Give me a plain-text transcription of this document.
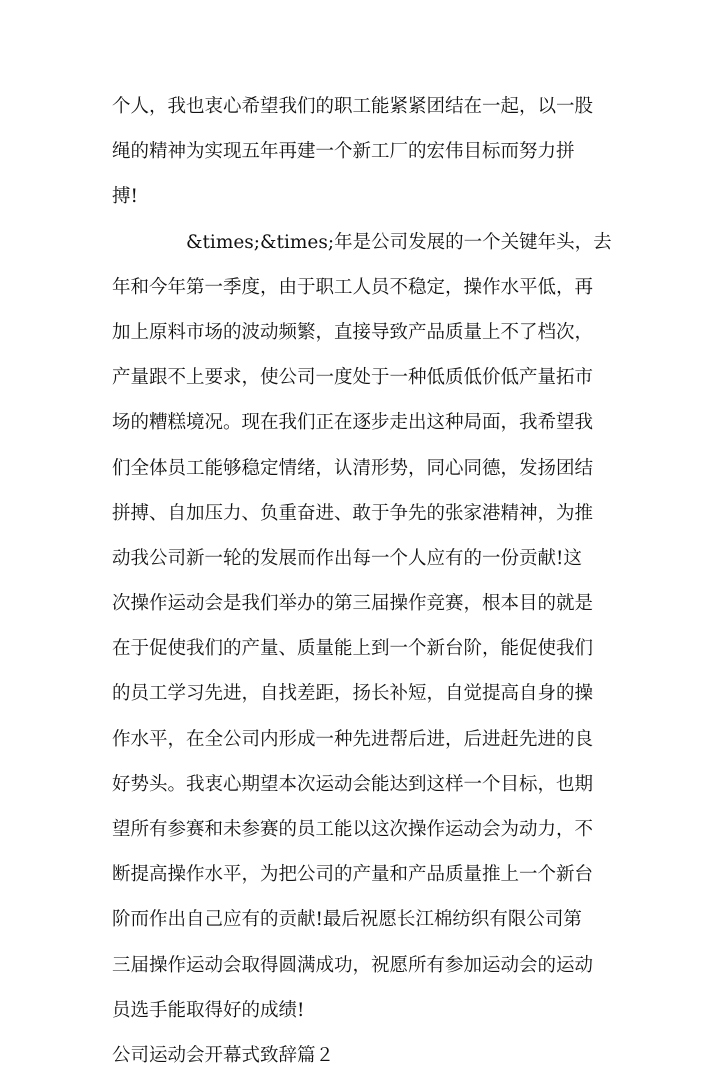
个人，我也衷心希望我们的职工能紧紧团结在一起，以一股
绳的精神为实现五年再建一个新工厂的宏伟目标而努力拼
搏!
&times;&times;年是公司发展的一个关键年头，去
年和今年第一季度，由于职工人员不稳定，操作水平低，再
加上原料市场的波动频繁，直接导致产品质量上不了档次，
产量跟不上要求，使公司一度处于一种低质低价低产量拓市
场的糟糕境况。现在我们正在逐步走出这种局面，我希望我
们全体员工能够稳定情绪，认清形势，同心同德，发扬团结
拼搏、自加压力、负重奋进、敢于争先的张家港精神，为推
动我公司新一轮的发展而作出每一个人应有的一份贡献!这
次操作运动会是我们举办的第三届操作竞赛，根本目的就是
在于促使我们的产量、质量能上到一个新台阶，能促使我们
的员工学习先进，自找差距，扬长补短，自觉提高自身的操
作水平，在全公司内形成一种先进帮后进，后进赶先进的良
好势头。我衷心期望本次运动会能达到这样一个目标，也期
望所有参赛和未参赛的员工能以这次操作运动会为动力，不
断提高操作水平，为把公司的产量和产品质量推上一个新台
阶而作出自己应有的贡献!最后祝愿长江棉纺织有限公司第
三届操作运动会取得圆满成功，祝愿所有参加运动会的运动
员选手能取得好的成绩!
公司运动会开幕式致辞篇２
